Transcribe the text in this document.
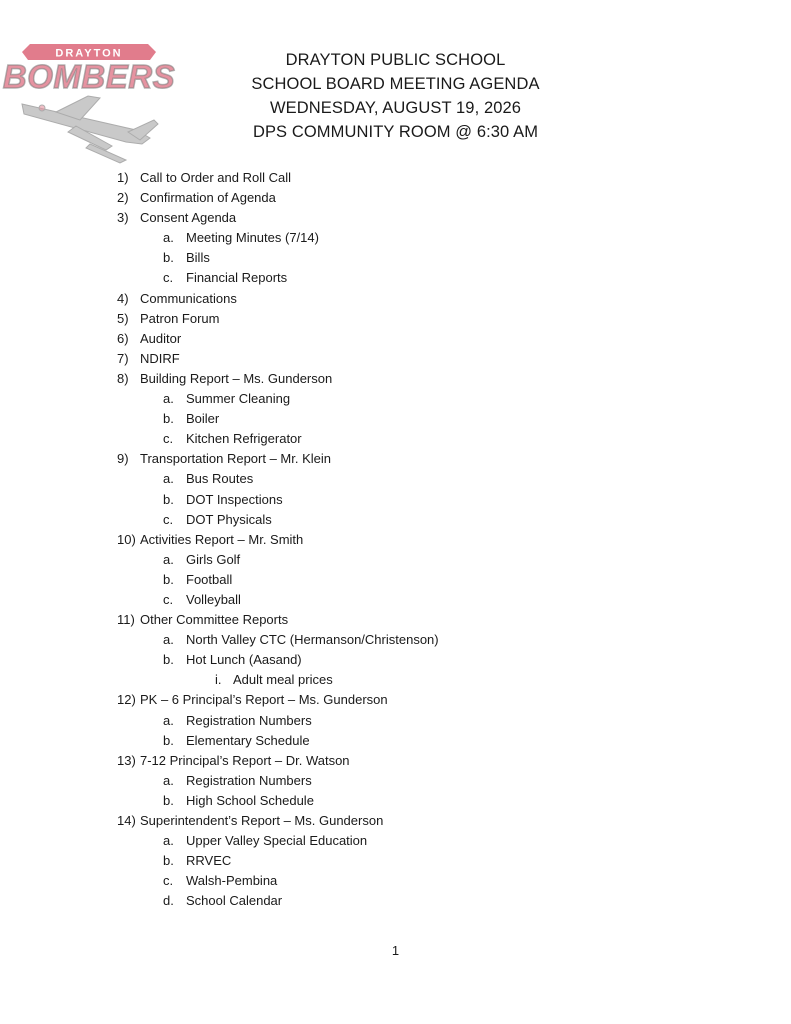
DRAYTON
BOMBERS	DRAYTON PUBLIC SCHOOL
SCHOOL BOARD MEETING AGENDA
WEDNESDAY, AUGUST 19, 2026
DPS COMMUNITY ROOM @ 6:30 AM
1) Call to Order and Roll Call
2) Confirmation of Agenda
3) Consent Agenda
a. Meeting Minutes (7/14)
b. Bills
c. Financial Reports
4) Communications
5) Patron Forum
6) Auditor
7) NDIRF
8) Building Report – Ms. Gunderson
a. Summer Cleaning
b. Boiler
c. Kitchen Refrigerator
9) Transportation Report – Mr. Klein
a. Bus Routes
b. DOT Inspections
c. DOT Physicals
10) Activities Report – Mr. Smith
a. Girls Golf
b. Football
c. Volleyball
11) Other Committee Reports
a. North Valley CTC (Hermanson/Christenson)
b. Hot Lunch (Aasand)
i. Adult meal prices
12) PK – 6 Principal’s Report – Ms. Gunderson
a. Registration Numbers
b. Elementary Schedule
13) 7-12 Principal’s Report – Dr. Watson
a. Registration Numbers
b. High School Schedule
14) Superintendent’s Report – Ms. Gunderson
a. Upper Valley Special Education
b. RRVEC
c. Walsh-Pembina
d. School Calendar
1
